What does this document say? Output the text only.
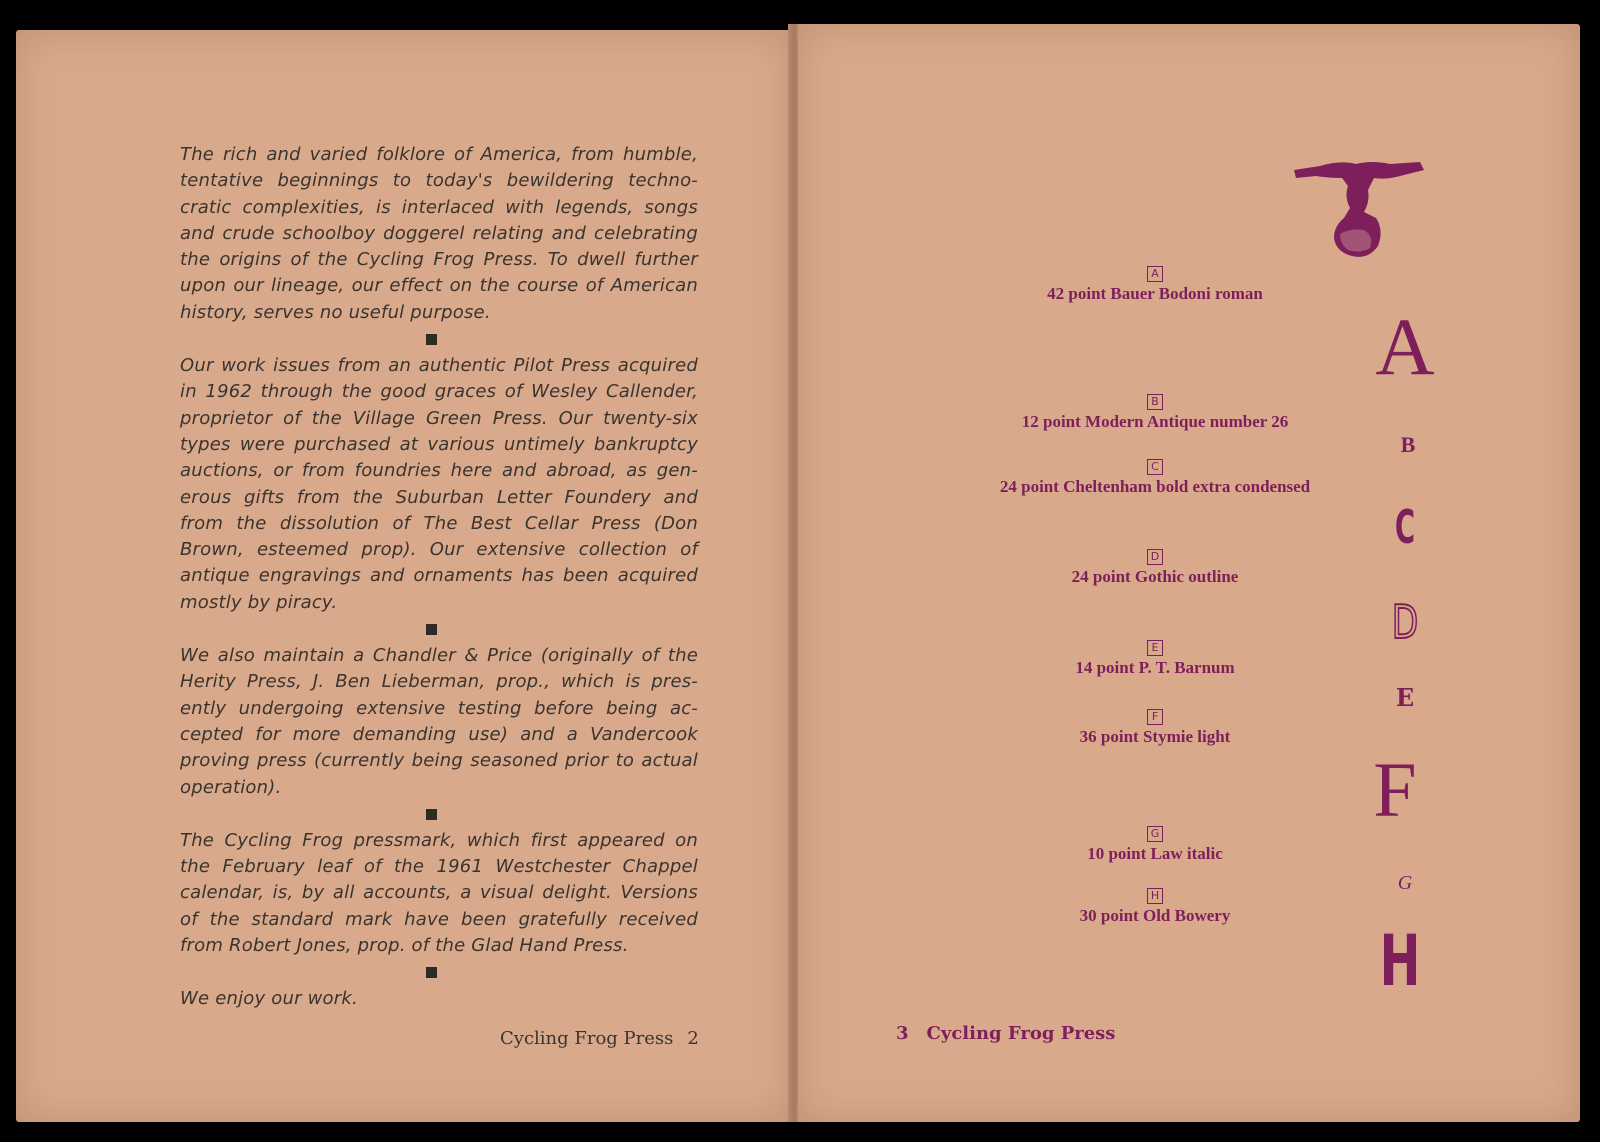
The rich and varied folklore of America, from humble, tentative beginnings to today's bewildering techno-cratic complexities, is interlaced with legends, songs and crude schoolboy doggerel relating and celebrating the origins of the Cycling Frog Press. To dwell further upon our lineage, our effect on the course of American history, serves no useful purpose.

Our work issues from an authentic Pilot Press acquired in 1962 through the good graces of Wesley Callender, proprietor of the Village Green Press. Our twenty-six types were purchased at various untimely bankruptcy auctions, or from foundries here and abroad, as gen-erous gifts from the Suburban Letter Foundery and from the dissolution of The Best Cellar Press (Don Brown, esteemed prop). Our extensive collection of antique engravings and ornaments has been acquired mostly by piracy.

We also maintain a Chandler & Price (originally of the Herity Press, J. Ben Lieberman, prop., which is pres-ently undergoing extensive testing before being ac-cepted for more demanding use) and a Vandercook proving press (currently being seasoned prior to actual operation).

The Cycling Frog pressmark, which first appeared on the February leaf of the 1961 Westchester Chappel calendar, is, by all accounts, a visual delight. Versions of the standard mark have been gratefully received from Robert Jones, prop. of the Glad Hand Press.

We enjoy our work.

Cycling Frog Press 2
A
42 point Bauer Bodoni roman
B
12 point Modern Antique number 26
C
24 point Cheltenham bold extra condensed
D
24 point Gothic outline
E
14 point P. T. Barnum
F
36 point Stymie light
G
10 point Law italic
H
30 point Old Bowery
A
B
C
D
E
F
G
H
3 Cycling Frog Press
